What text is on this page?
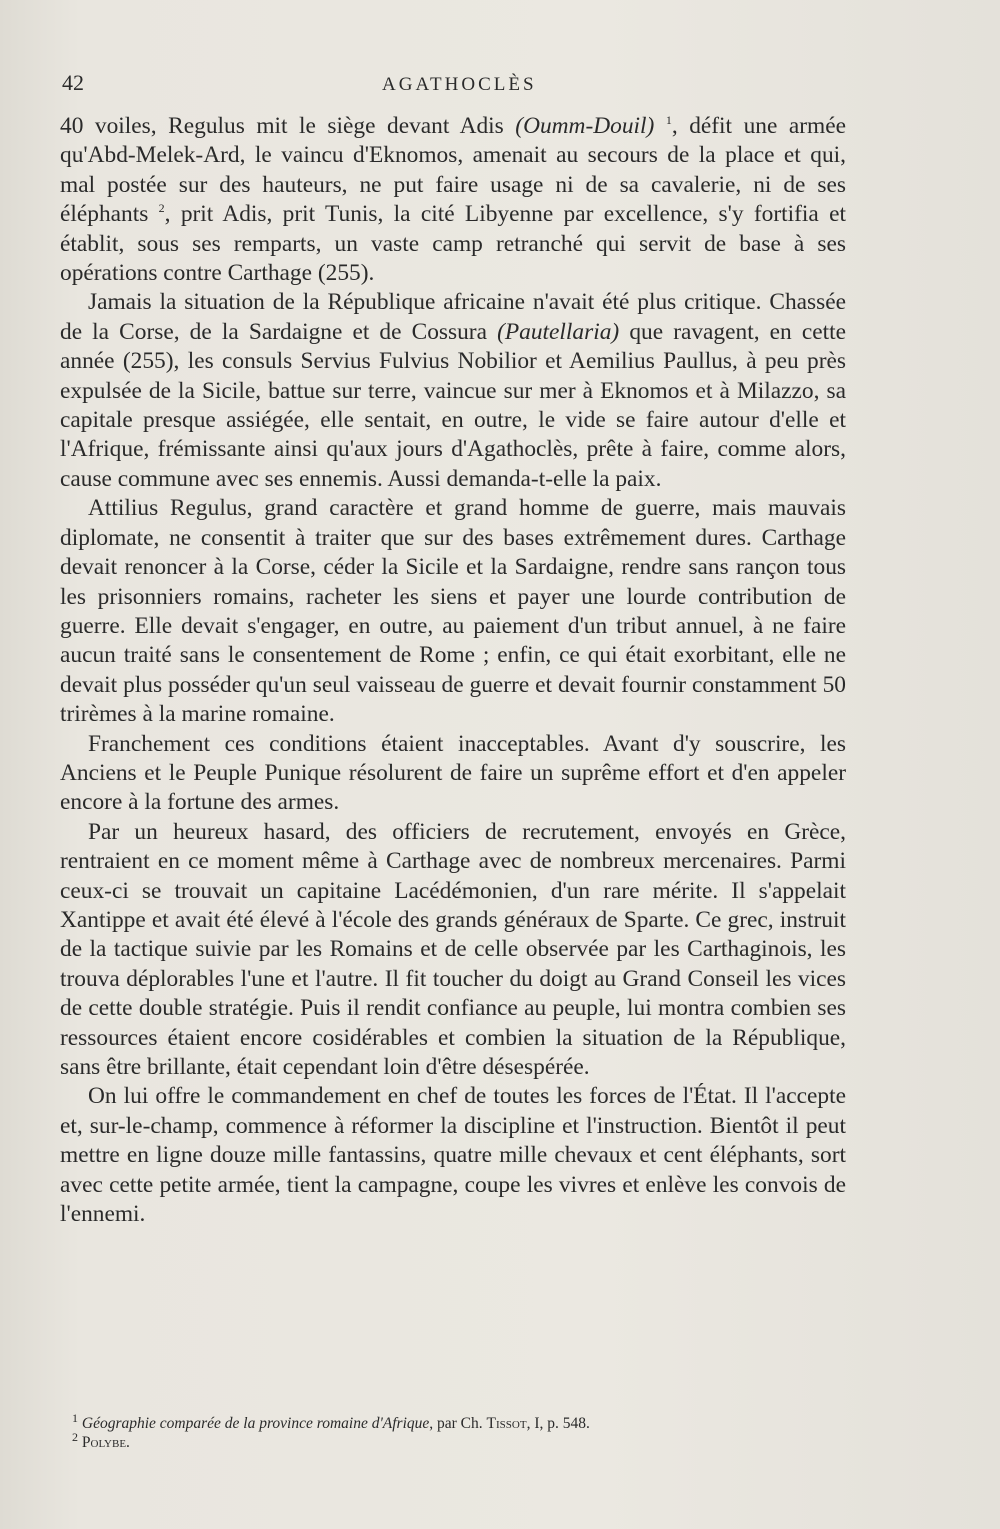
42	AGATHOCLÈS

40 voiles, Regulus mit le siège devant Adis (Oumm-Douil) $^1$, défit une armée qu'Abd-Melek-Ard, le vaincu d'Eknomos, amenait au secours de la place et qui, mal postée sur des hauteurs, ne put faire usage ni de sa cavalerie, ni de ses éléphants $^2$, prit Adis, prit Tunis, la cité Libyenne par excellence, s'y fortifia et établit, sous ses remparts, un vaste camp retranché qui servit de base à ses opérations contre Carthage (255).

Jamais la situation de la République africaine n'avait été plus critique. Chassée de la Corse, de la Sardaigne et de Cossura (Pautellaria) que ravagent, en cette année (255), les consuls Servius Fulvius Nobilior et Aemilius Paullus, à peu près expulsée de la Sicile, battue sur terre, vaincue sur mer à Eknomos et à Milazzo, sa capitale presque assiégée, elle sentait, en outre, le vide se faire autour d'elle et l'Afrique, frémissante ainsi qu'aux jours d'Agathoclès, prête à faire, comme alors, cause commune avec ses ennemis. Aussi demanda-t-elle la paix.

Attilius Regulus, grand caractère et grand homme de guerre, mais mauvais diplomate, ne consentit à traiter que sur des bases extrêmement dures. Carthage devait renoncer à la Corse, céder la Sicile et la Sardaigne, rendre sans rançon tous les prisonniers romains, racheter les siens et payer une lourde contribution de guerre. Elle devait s'engager, en outre, au paiement d'un tribut annuel, à ne faire aucun traité sans le consentement de Rome ; enfin, ce qui était exorbitant, elle ne devait plus posséder qu'un seul vaisseau de guerre et devait fournir constamment 50 trirèmes à la marine romaine.

Franchement ces conditions étaient inacceptables. Avant d'y souscrire, les Anciens et le Peuple Punique résolurent de faire un suprême effort et d'en appeler encore à la fortune des armes.

Par un heureux hasard, des officiers de recrutement, envoyés en Grèce, rentraient en ce moment même à Carthage avec de nombreux mercenaires. Parmi ceux-ci se trouvait un capitaine Lacédémonien, d'un rare mérite. Il s'appelait Xantippe et avait été élevé à l'école des grands généraux de Sparte. Ce grec, instruit de la tactique suivie par les Romains et de celle observée par les Carthaginois, les trouva déplorables l'une et l'autre. Il fit toucher du doigt au Grand Conseil les vices de cette double stratégie. Puis il rendit confiance au peuple, lui montra combien ses ressources étaient encore cosidérables et combien la situation de la République, sans être brillante, était cependant loin d'être désespérée.

On lui offre le commandement en chef de toutes les forces de l'État. Il l'accepte et, sur-le-champ, commence à réformer la discipline et l'instruction. Bientôt il peut mettre en ligne douze mille fantassins, quatre mille chevaux et cent éléphants, sort avec cette petite armée, tient la campagne, coupe les vivres et enlève les convois de l'ennemi.

$^1$ Géographie comparée de la province romaine d'Afrique, par Ch. Tissot, I, p. 548.
$^2$ Polybe.
